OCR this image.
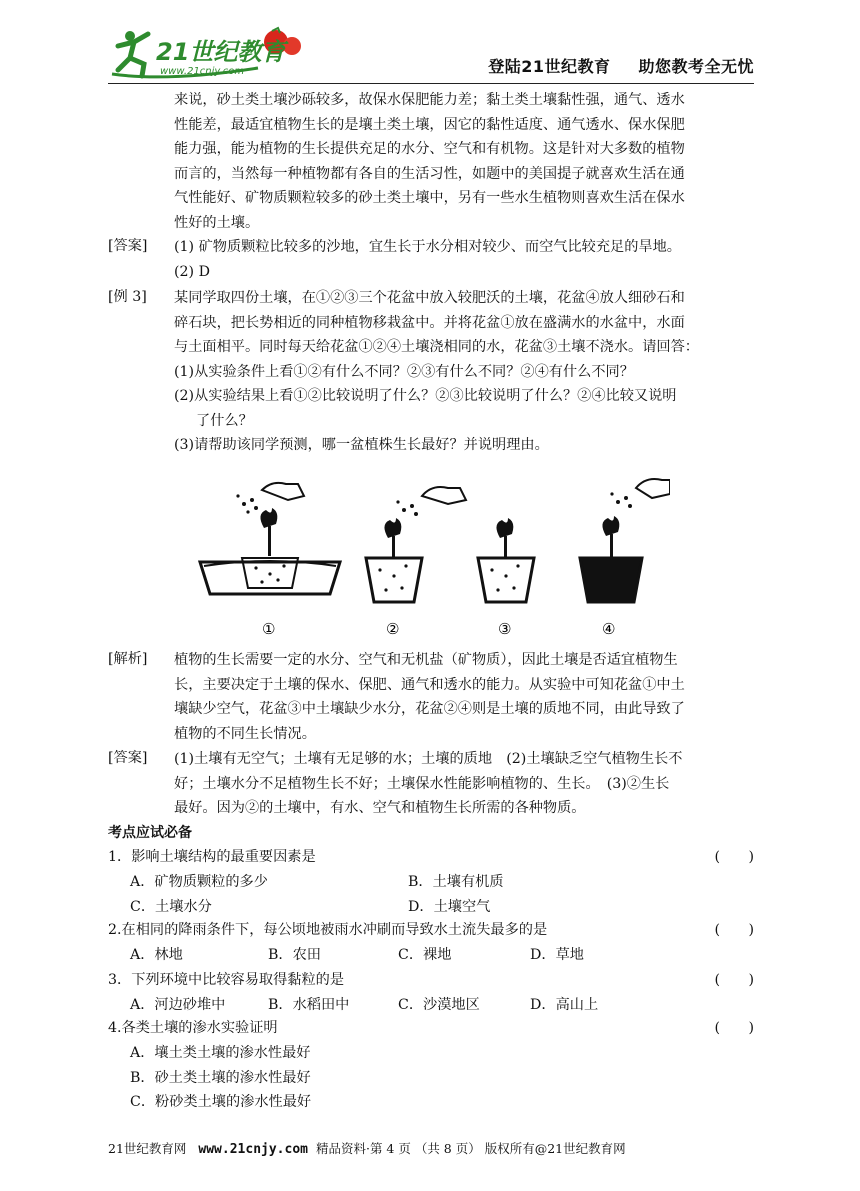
21世纪教育
www.21cnjy.com	登陆21世纪教育 助您教考全无忧
来说，砂土类土壤沙砾较多，故保水保肥能力差；黏土类土壤黏性强，通气、透水
性能差，最适宜植物生长的是壤土类土壤，因它的黏性适度、通气透水、保水保肥
能力强，能为植物的生长提供充足的水分、空气和有机物。这是针对大多数的植物
而言的，当然每一种植物都有各自的生活习性，如题中的美国提子就喜欢生活在通
气性能好、矿物质颗粒较多的砂土类土壤中，另有一些水生植物则喜欢生活在保水
性好的土壤。
[答案] (1) 矿物质颗粒比较多的沙地，宜生长于水分相对较少、而空气比较充足的旱地。
(2) D
[例 3] 某同学取四份土壤，在①②③三个花盆中放入较肥沃的土壤，花盆④放人细砂石和
碎石块，把长势相近的同种植物移栽盆中。并将花盆①放在盛满水的水盆中，水面
与土面相平。同时每天给花盆①②④土壤浇相同的水，花盆③土壤不浇水。请回答：
(1)从实验条件上看①②有什么不同？②③有什么不同？②④有什么不同？
(2)从实验结果上看①②比较说明了什么？②③比较说明了什么？②④比较又说明
了什么？
(3)请帮助该同学预测，哪一盆植株生长最好？并说明理由。
①	②	③	④
[解析] 植物的生长需要一定的水分、空气和无机盐（矿物质），因此土壤是否适宜植物生
长，主要决定于土壤的保水、保肥、通气和透水的能力。从实验中可知花盆①中土
壤缺少空气，花盆③中土壤缺少水分，花盆②④则是土壤的质地不同，由此导致了
植物的不同生长情况。
[答案] (1)土壤有无空气；土壤有无足够的水；土壤的质地　(2)土壤缺乏空气植物生长不
好；土壤水分不足植物生长不好；土壤保水性能影响植物的、生长。　(3)②生长
最好。因为②的土壤中，有水、空气和植物生长所需的各种物质。
考点应试必备
1．影响土壤结构的最重要因素是	(　　)
A．矿物质颗粒的多少	B．土壤有机质
C．土壤水分	D．土壤空气
2.在相同的降雨条件下，每公顷地被雨水冲刷而导致水土流失最多的是	(　　)
A．林地	B．农田	C．裸地	D．草地
3．下列环境中比较容易取得黏粒的是	(　　)
A．河边砂堆中	B．水稻田中	C．沙漠地区	D．高山上
4.各类土壤的渗水实验证明	(　　)
A．壤土类土壤的渗水性最好
B．砂土类土壤的渗水性最好
C．粉砂类土壤的渗水性最好
21世纪教育网 www.21cnjy.com 精品资料·第 4 页 （共 8 页） 版权所有@21世纪教育网
